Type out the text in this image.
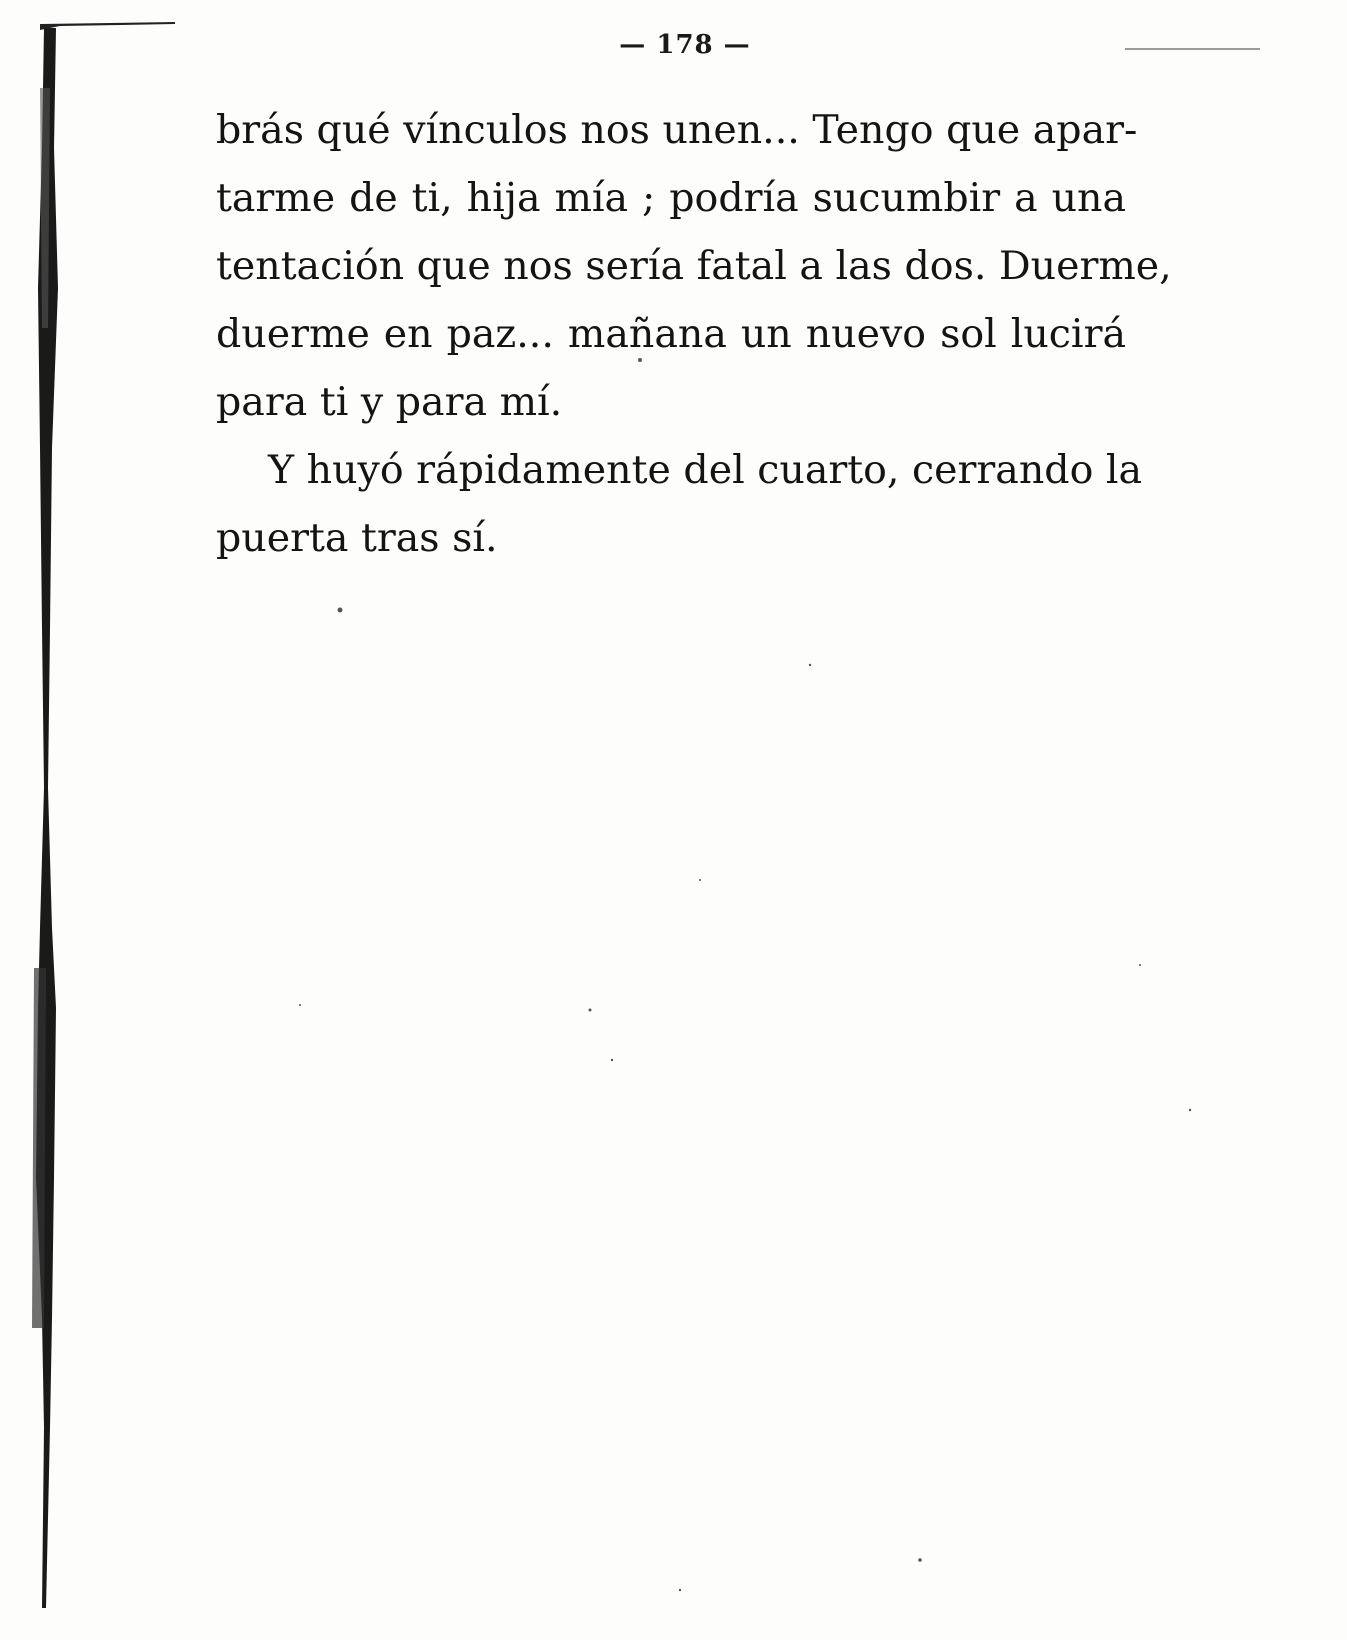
— 178 —
brás qué vínculos nos unen... Tengo que apar-
tarme de ti, hija mía ; podría sucumbir a una
tentación que nos sería fatal a las dos. Duerme,
duerme en paz... mañana un nuevo sol lucirá
para ti y para mí.
Y huyó rápidamente del cuarto, cerrando la
puerta tras sí.
